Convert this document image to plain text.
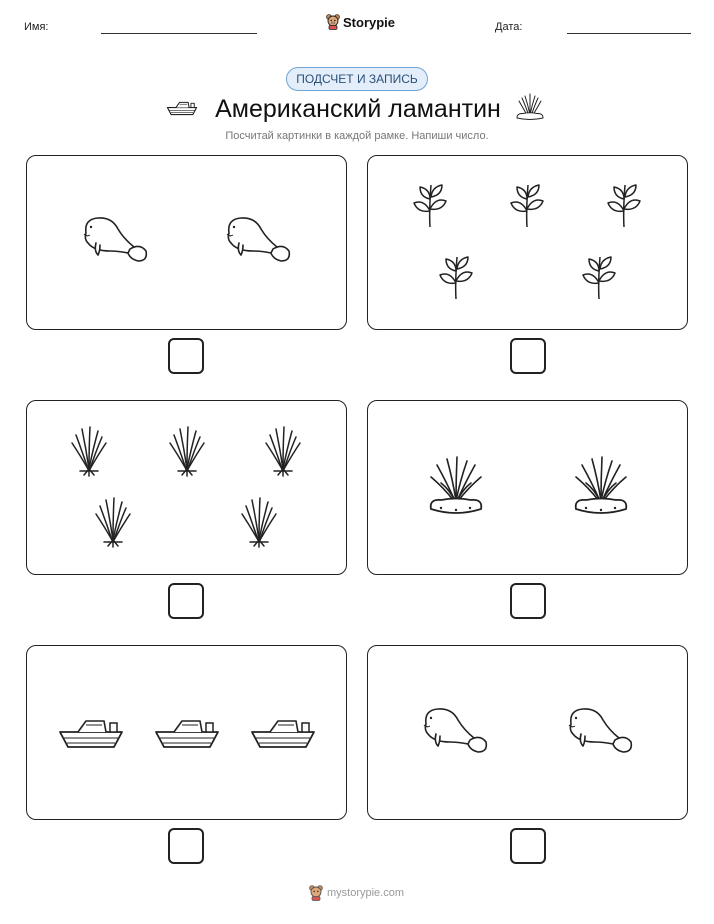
Имя:	Storypie	Дата:
ПОДСЧЕТ И ЗАПИСЬ
Американский ламантин
Посчитай картинки в каждой рамке. Напиши число.
mystorypie.com
